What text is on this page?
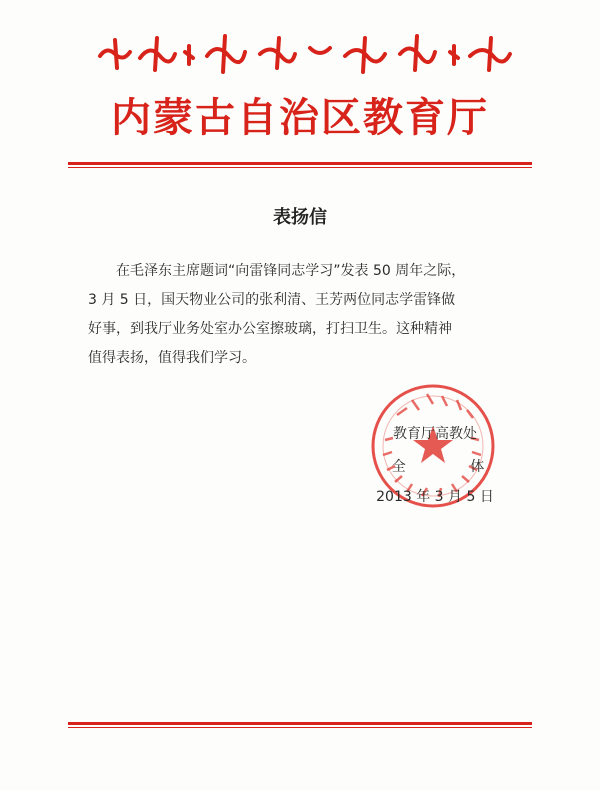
内蒙古自治区教育厅
表扬信

在毛泽东主席题词“向雷锋同志学习”发表 50 周年之际，

3 月 5 日，国天物业公司的张利清、王芳两位同志学雷锋做

好事，到我厅业务处室办公室擦玻璃，打扫卫生。这种精神

值得表扬，值得我们学习。

教育厅高教处
全 体
2013 年 3 月 5 日
